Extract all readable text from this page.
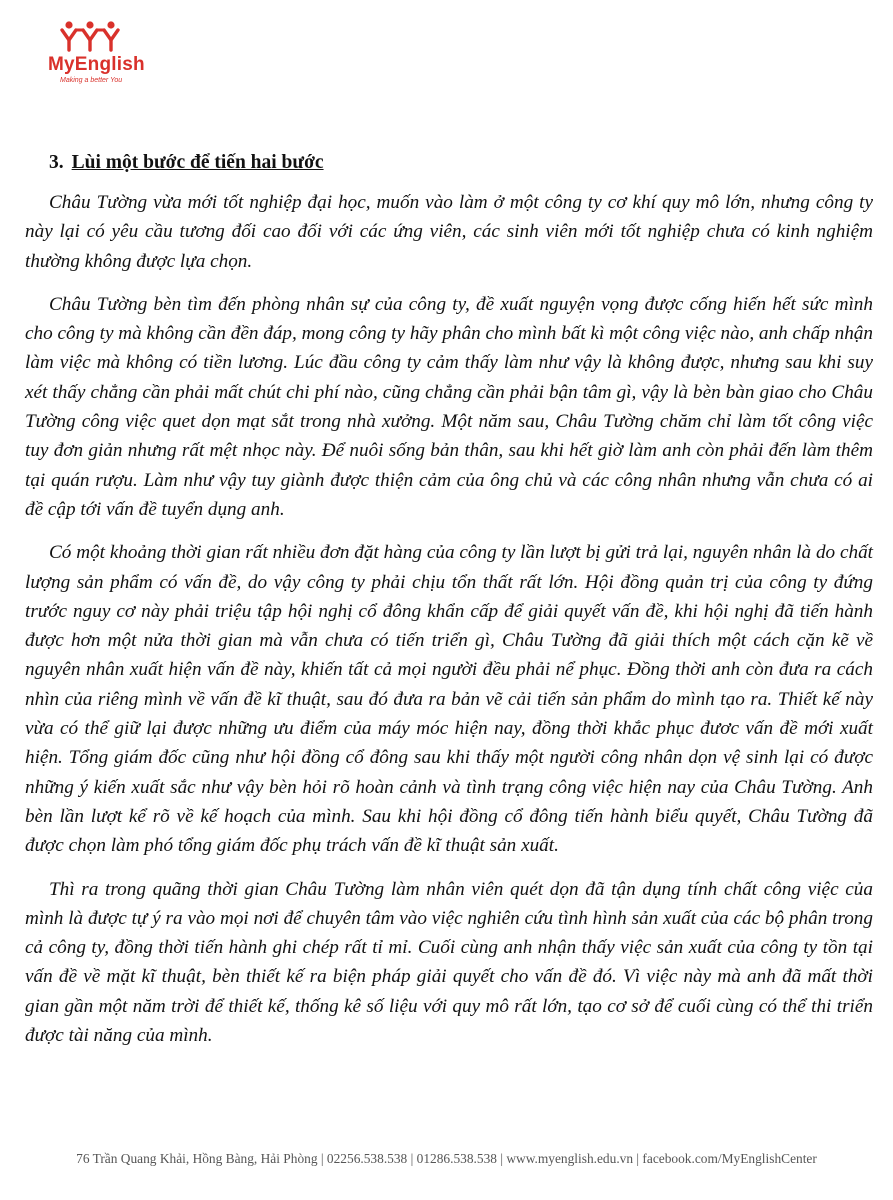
MyEnglish
Making a better You
3. Lùi một bước để tiến hai bước

Châu Tường vừa mới tốt nghiệp đại học, muốn vào làm ở một công ty cơ khí quy mô lớn, nhưng công ty này lại có yêu cầu tương đối cao đối với các ứng viên, các sinh viên mới tốt nghiệp chưa có kinh nghiệm thường không được lựa chọn.

Châu Tường bèn tìm đến phòng nhân sự của công ty, đề xuất nguyện vọng được cống hiến hết sức mình cho công ty mà không cần đền đáp, mong công ty hãy phân cho mình bất kì một công việc nào, anh chấp nhận làm việc mà không có tiền lương. Lúc đầu công ty cảm thấy làm như vậy là không được, nhưng sau khi suy xét thấy chẳng cần phải mất chút chi phí nào, cũng chẳng cần phải bận tâm gì, vậy là bèn bàn giao cho Châu Tường công việc quet dọn mạt sắt trong nhà xưởng. Một năm sau, Châu Tường chăm chỉ làm tốt công việc tuy đơn giản nhưng rất mệt nhọc này. Để nuôi sống bản thân, sau khi hết giờ làm anh còn phải đến làm thêm tại quán rượu. Làm như vậy tuy giành được thiện cảm của ông chủ và các công nhân nhưng vẫn chưa có ai đề cập tới vấn đề tuyển dụng anh.

Có một khoảng thời gian rất nhiều đơn đặt hàng của công ty lần lượt bị gửi trả lại, nguyên nhân là do chất lượng sản phẩm có vấn đề, do vậy công ty phải chịu tổn thất rất lớn. Hội đồng quản trị của công ty đứng trước nguy cơ này phải triệu tập hội nghị cổ đông khẩn cấp để giải quyết vấn đề, khi hội nghị đã tiến hành được hơn một nửa thời gian mà vẫn chưa có tiến triển gì, Châu Tường đã giải thích một cách cặn kẽ về nguyên nhân xuất hiện vấn đề này, khiến tất cả mọi người đều phải nể phục. Đồng thời anh còn đưa ra cách nhìn của riêng mình về vấn đề kĩ thuật, sau đó đưa ra bản vẽ cải tiến sản phẩm do mình tạo ra. Thiết kế này vừa có thể giữ lại được những ưu điểm của máy móc hiện nay, đồng thời khắc phục đươc vấn đề mới xuất hiện. Tổng giám đốc cũng như hội đồng cổ đông sau khi thấy một người công nhân dọn vệ sinh lại có được những ý kiến xuất sắc như vậy bèn hỏi rõ hoàn cảnh và tình trạng công việc hiện nay của Châu Tường. Anh bèn lần lượt kể rõ về kế hoạch của mình. Sau khi hội đồng cổ đông tiến hành biểu quyết, Châu Tường đã được chọn làm phó tổng giám đốc phụ trách vấn đề kĩ thuật sản xuất.

Thì ra trong quãng thời gian Châu Tường làm nhân viên quét dọn đã tận dụng tính chất công việc của mình là được tự ý ra vào mọi nơi để chuyên tâm vào việc nghiên cứu tình hình sản xuất của các bộ phân trong cả công ty, đồng thời tiến hành ghi chép rất tỉ mỉ. Cuối cùng anh nhận thấy việc sản xuất của công ty tồn tại vấn đề về mặt kĩ thuật, bèn thiết kế ra biện pháp giải quyết cho vấn đề đó. Vì việc này mà anh đã mất thời gian gần một năm trời để thiết kế, thống kê số liệu với quy mô rất lớn, tạo cơ sở để cuối cùng có thể thi triển được tài năng của mình.

76 Trần Quang Khải, Hồng Bàng, Hải Phòng | 02256.538.538 | 01286.538.538 | www.myenglish.edu.vn | facebook.com/MyEnglishCenter
